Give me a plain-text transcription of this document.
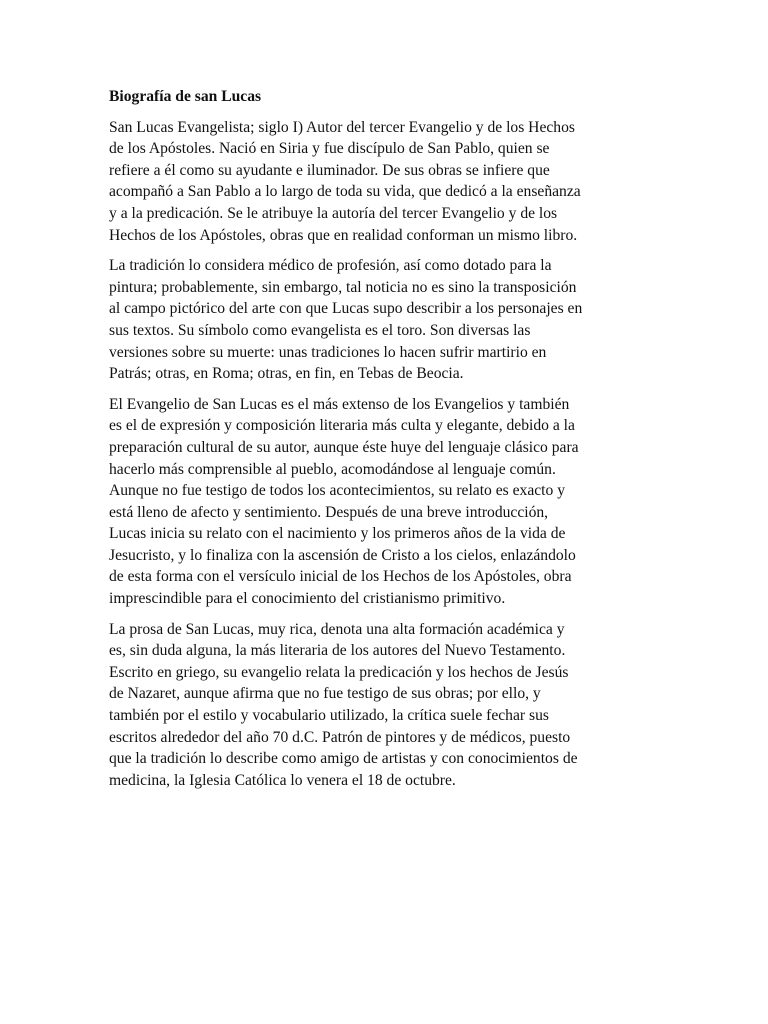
Biografía de san Lucas
San Lucas Evangelista; siglo I) Autor del tercer Evangelio y de los Hechos
de los Apóstoles. Nació en Siria y fue discípulo de San Pablo, quien se
refiere a él como su ayudante e iluminador. De sus obras se infiere que
acompañó a San Pablo a lo largo de toda su vida, que dedicó a la enseñanza
y a la predicación. Se le atribuye la autoría del tercer Evangelio y de los
Hechos de los Apóstoles, obras que en realidad conforman un mismo libro.
La tradición lo considera médico de profesión, así como dotado para la
pintura; probablemente, sin embargo, tal noticia no es sino la transposición
al campo pictórico del arte con que Lucas supo describir a los personajes en
sus textos. Su símbolo como evangelista es el toro. Son diversas las
versiones sobre su muerte: unas tradiciones lo hacen sufrir martirio en
Patrás; otras, en Roma; otras, en fin, en Tebas de Beocia.
El Evangelio de San Lucas es el más extenso de los Evangelios y también
es el de expresión y composición literaria más culta y elegante, debido a la
preparación cultural de su autor, aunque éste huye del lenguaje clásico para
hacerlo más comprensible al pueblo, acomodándose al lenguaje común.
Aunque no fue testigo de todos los acontecimientos, su relato es exacto y
está lleno de afecto y sentimiento. Después de una breve introducción,
Lucas inicia su relato con el nacimiento y los primeros años de la vida de
Jesucristo, y lo finaliza con la ascensión de Cristo a los cielos, enlazándolo
de esta forma con el versículo inicial de los Hechos de los Apóstoles, obra
imprescindible para el conocimiento del cristianismo primitivo.
La prosa de San Lucas, muy rica, denota una alta formación académica y
es, sin duda alguna, la más literaria de los autores del Nuevo Testamento.
Escrito en griego, su evangelio relata la predicación y los hechos de Jesús
de Nazaret, aunque afirma que no fue testigo de sus obras; por ello, y
también por el estilo y vocabulario utilizado, la crítica suele fechar sus
escritos alrededor del año 70 d.C. Patrón de pintores y de médicos, puesto
que la tradición lo describe como amigo de artistas y con conocimientos de
medicina, la Iglesia Católica lo venera el 18 de octubre.
